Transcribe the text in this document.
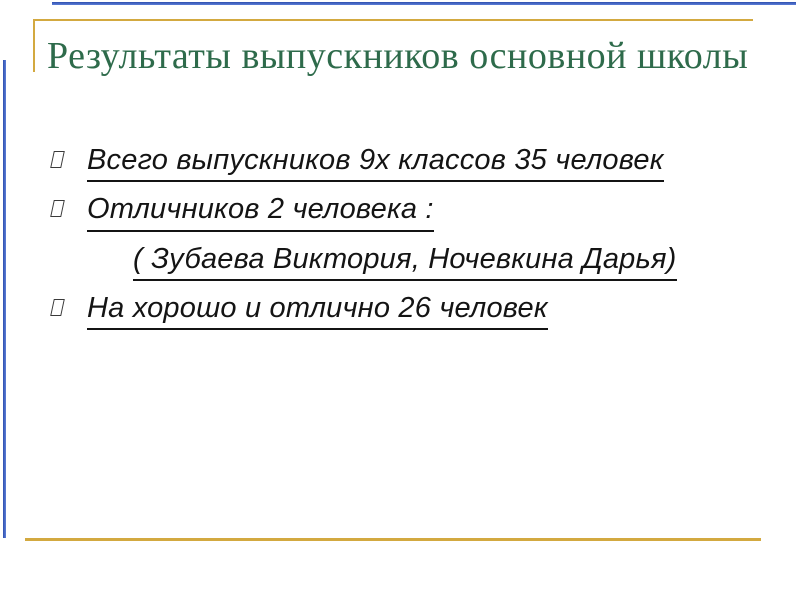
Результаты выпускников основной школы
Всего выпускников 9х классов 35 человек
Отличников 2 человека :
( Зубаева Виктория, Ночевкина Дарья)
На хорошо и отлично 26 человек
